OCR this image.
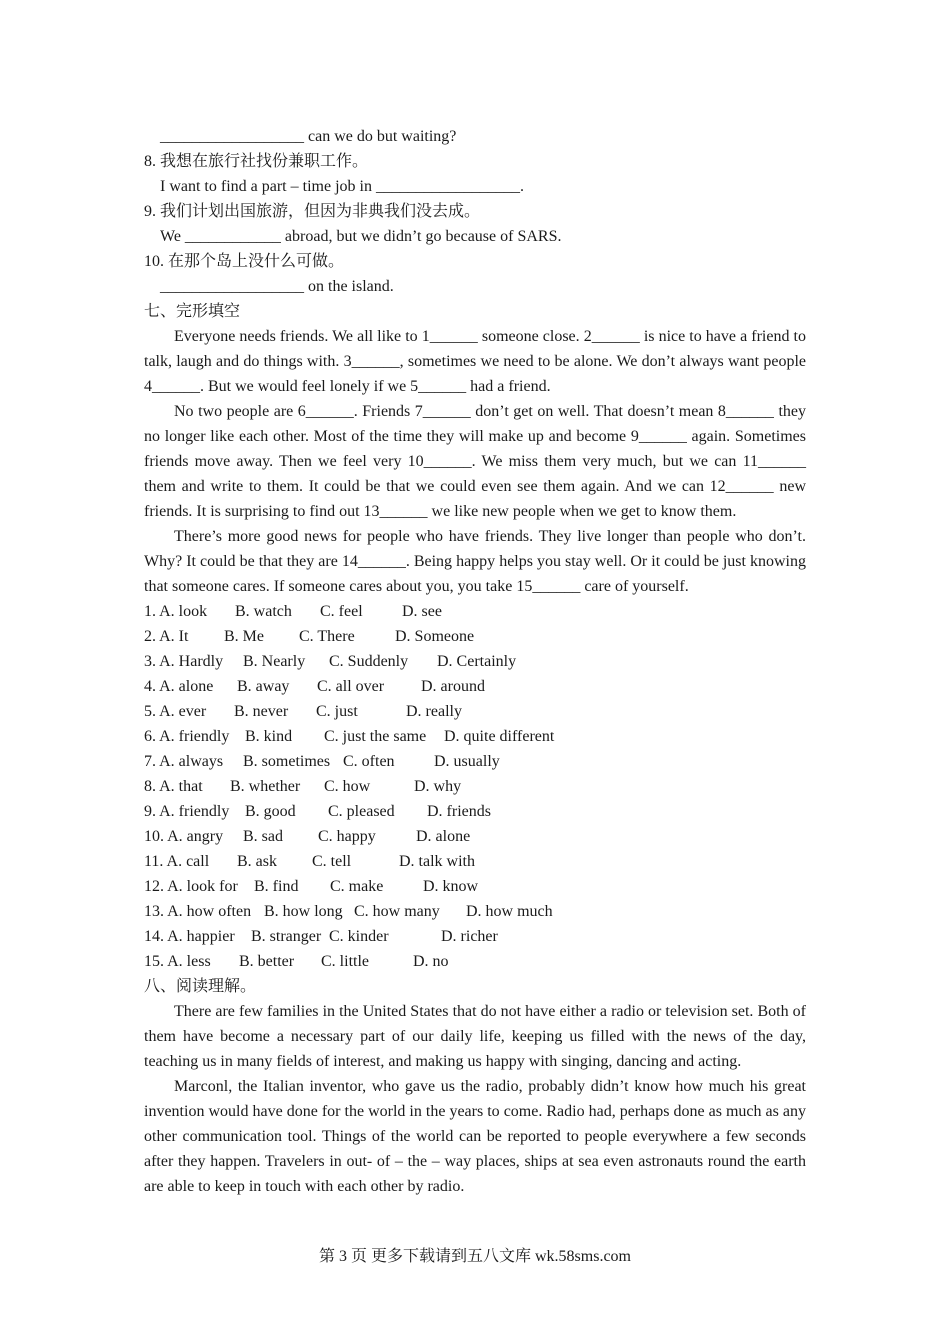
__________________ can we do but waiting?
8. 我想在旅行社找份兼职工作。
I want to find a part – time job in __________________.
9. 我们计划出国旅游，但因为非典我们没去成。
We ____________ abroad, but we didn’t go because of SARS.
10. 在那个岛上没什么可做。
__________________ on the island.
七、完形填空

Everyone needs friends. We all like to 1______ someone close. 2______ is nice to have a friend to talk, laugh and do things with. 3______, sometimes we need to be alone. We don’t always want people 4______. But we would feel lonely if we 5______ had a friend.

No two people are 6______. Friends 7______ don’t get on well. That doesn’t mean 8______ they no longer like each other. Most of the time they will make up and become 9______ again. Sometimes friends move away. Then we feel very 10______. We miss them very much, but we can 11______ them and write to them. It could be that we could even see them again. And we can 12______ new friends. It is surprising to find out 13______ we like new people when we get to know them.

There’s more good news for people who have friends. They live longer than people who don’t. Why? It could be that they are 14______. Being happy helps you stay well. Or it could be just knowing that someone cares. If someone cares about you, you take 15______ care of yourself.

1. A. look B. watch C. feel D. see
2. A. It B. Me C. There	D. Someone
3. A. Hardly B. Nearly C. Suddenly D. Certainly
4. A. alone B. away C. all over D. around
5. A. ever B. never C. just	D. really
6. A. friendly B. kind C. just the same D. quite different
7. A. always B. sometimes C. often D. usually
8. A. that B. whether C. how	D. why
9. A. friendly B. good C. pleased D. friends
10. A. angry B. sad C. happy	D. alone
11. A. call B. ask C. tell	D. talk with
12. A. look for B. find C. make D. know
13. A. how often B. how long C. how many D. how much
14. A. happier B. stranger C. kinder	D. richer
15. A. less B. better C. little	D. no
八、阅读理解。

There are few families in the United States that do not have either a radio or television set. Both of them have become a necessary part of our daily life, keeping us filled with the news of the day, teaching us in many fields of interest, and making us happy with singing, dancing and acting.

Marconl, the Italian inventor, who gave us the radio, probably didn’t know how much his great invention would have done for the world in the years to come. Radio had, perhaps done as much as any other communication tool. Things of the world can be reported to people everywhere a few seconds after they happen. Travelers in out- of – the – way places, ships at sea even astronauts round the earth are able to keep in touch with each other by radio.

第 3 页 更多下载请到五八文库 wk.58sms.com
